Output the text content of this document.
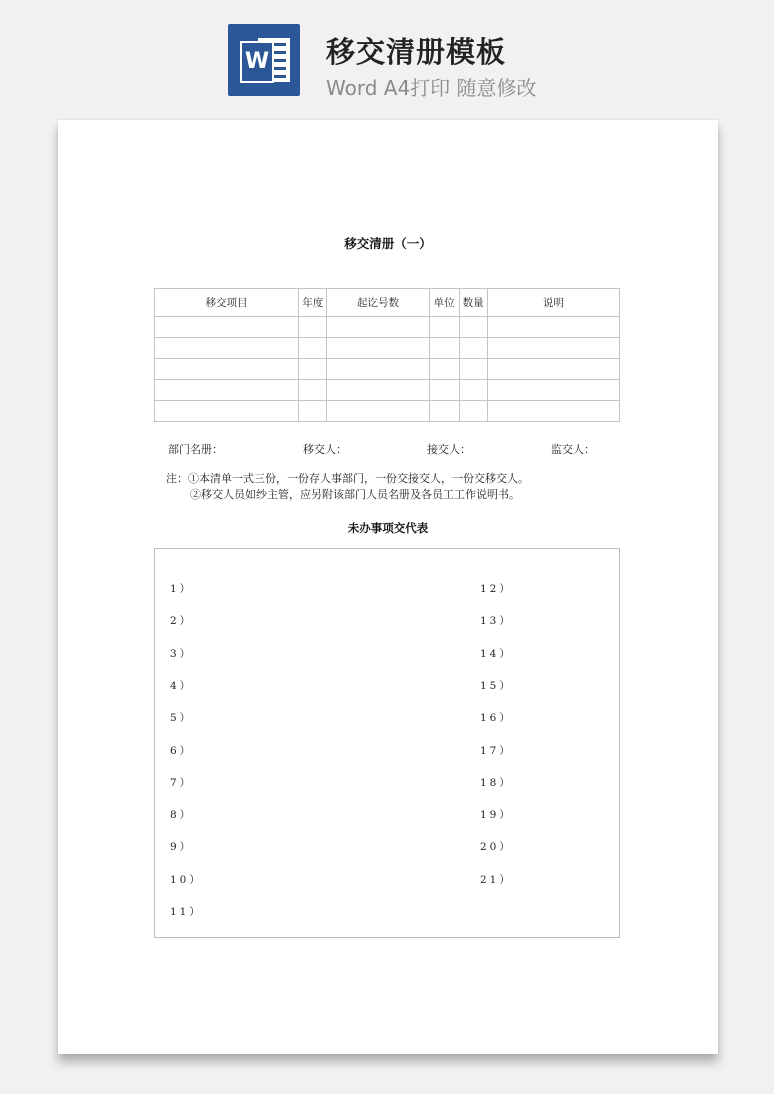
W 移交清册模板
Word A4打印 随意修改
移交清册（一）
移交项目	年度	起讫号数	单位	数量	说明

部门名册：	移交人：	接交人：	监交人：
注：①本清单一式三份，一份存人事部门，一份交接交人，一份交移交人。
②移交人员如纱主管，应另附该部门人员名册及各员工工作说明书。
未办事项交代表
1）
2）
3）
4）
5）
6）
7）
8）
9）
10）
11）
12）
13）
14）
15）
16）
17）
18）
19）
20）
21）
